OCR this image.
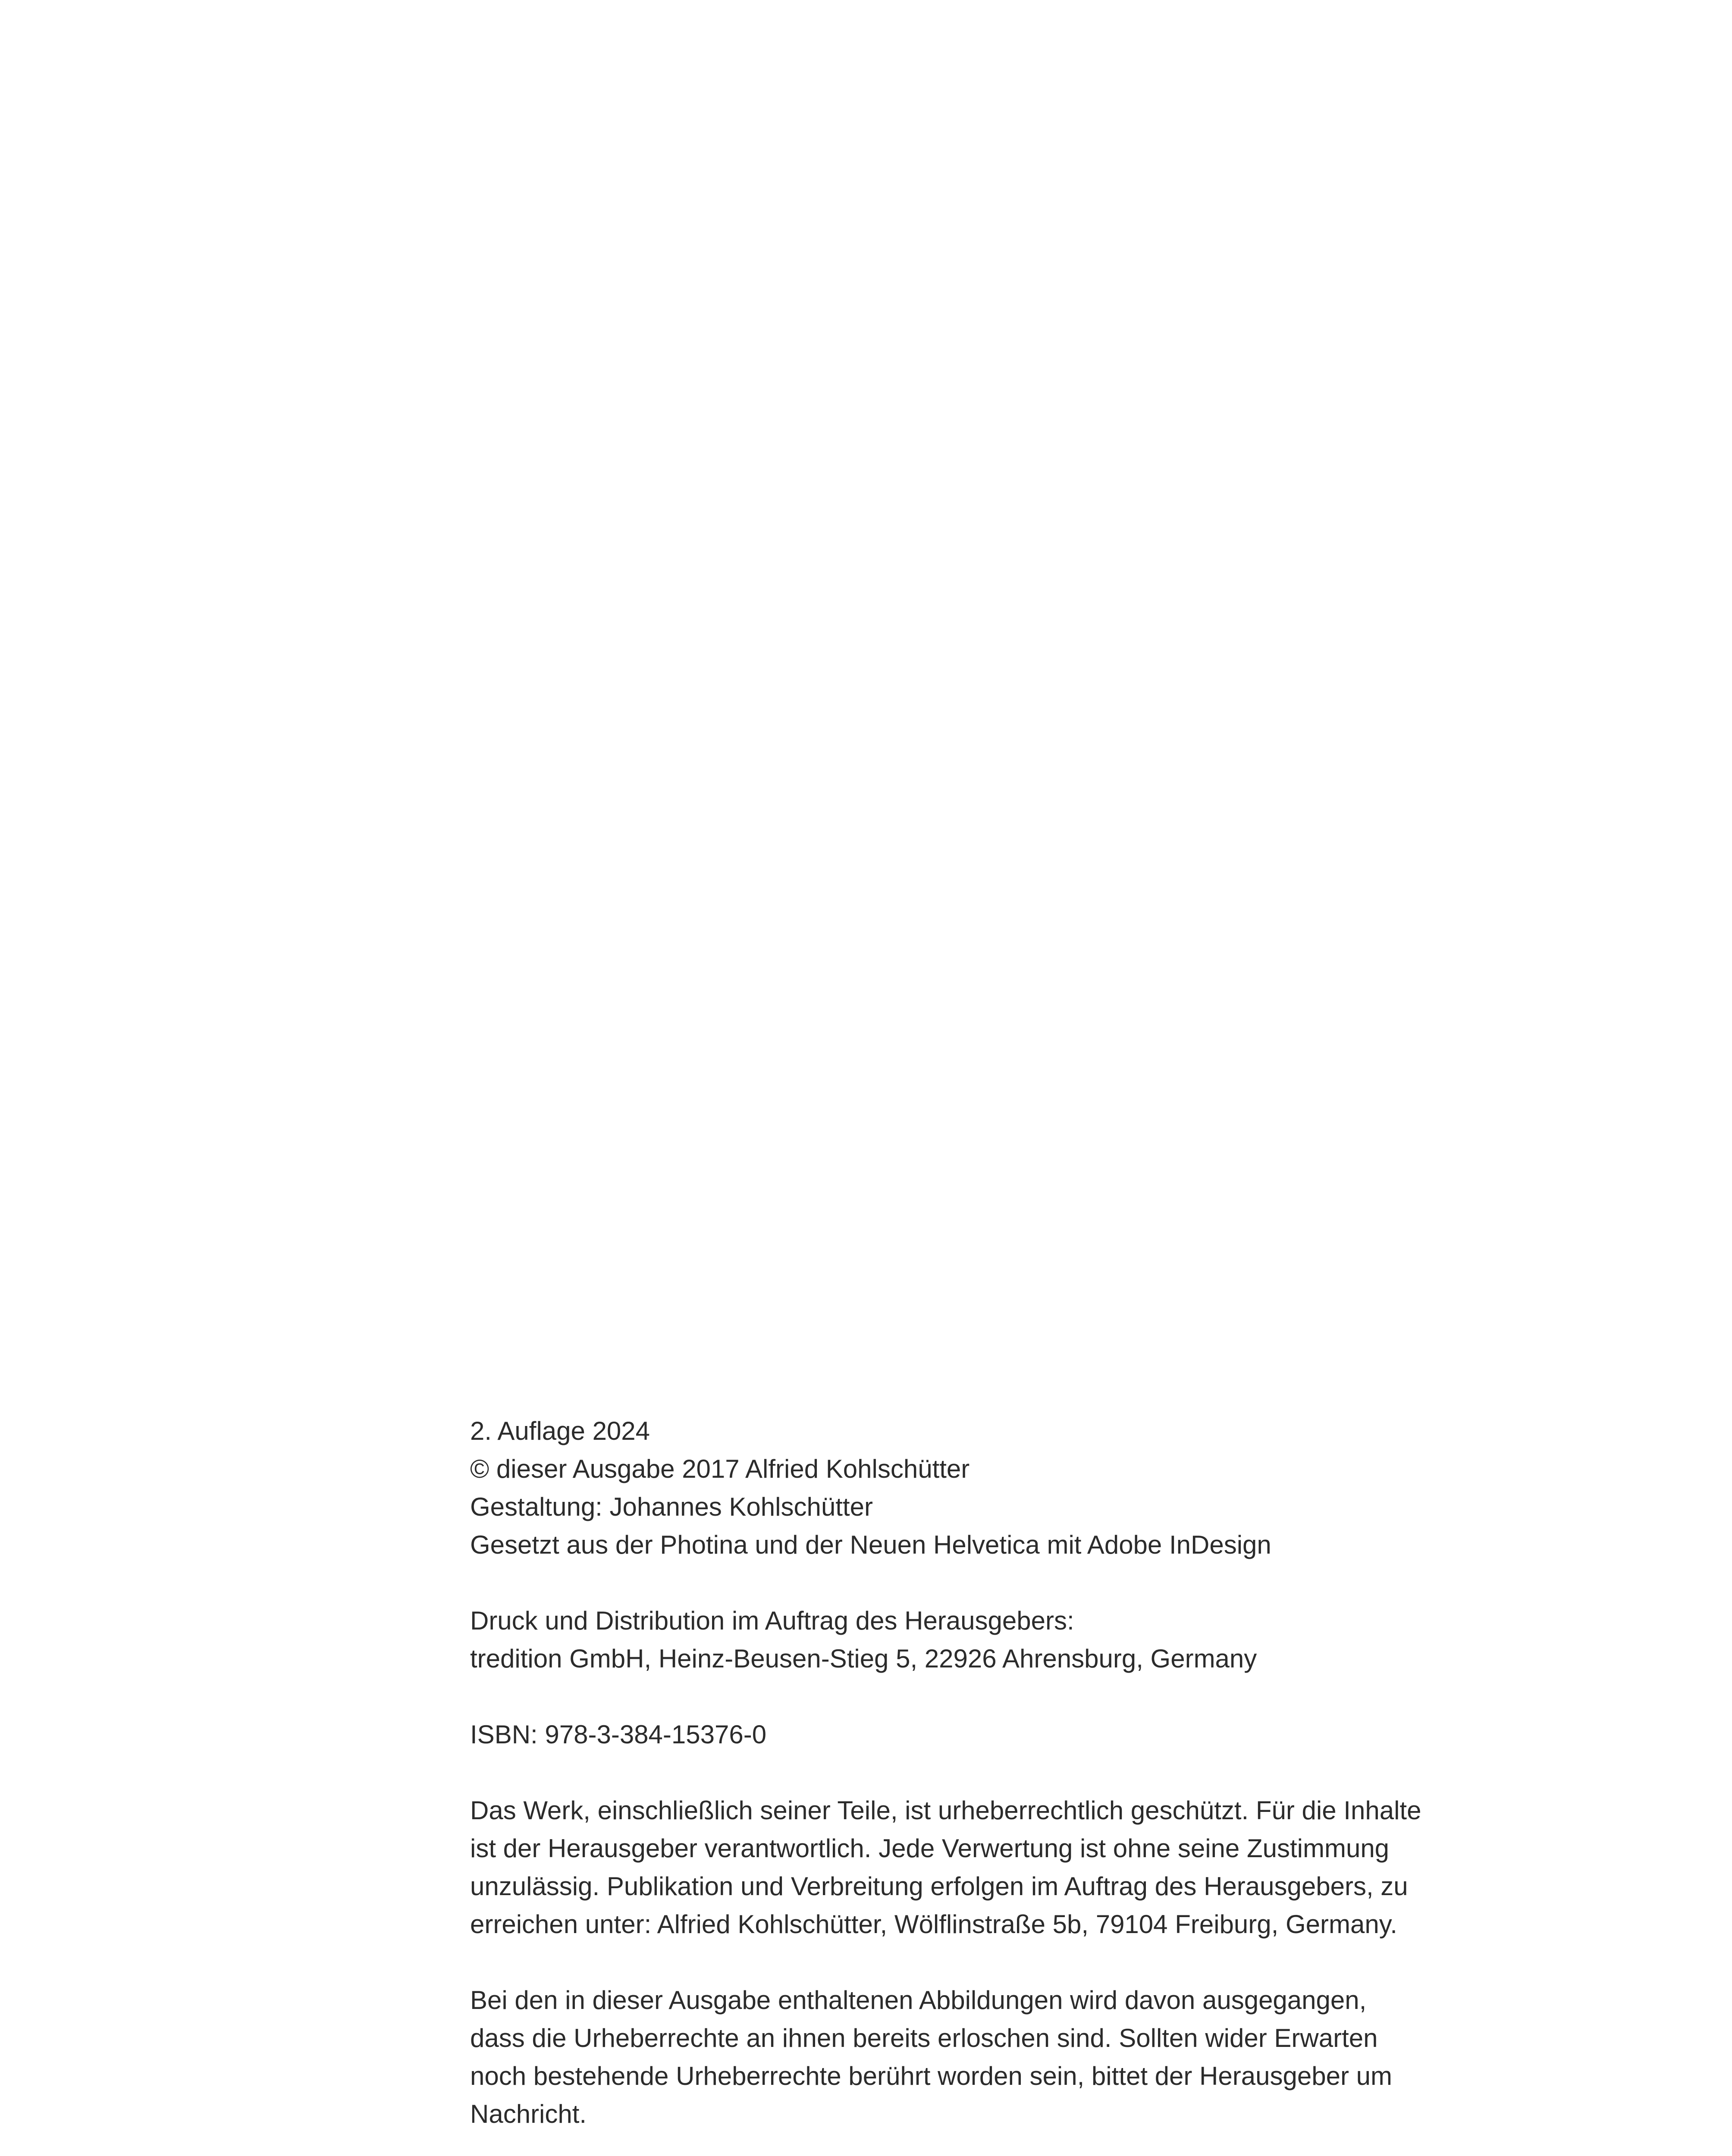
2. Auflage 2024
© dieser Ausgabe 2017 Alfried Kohlschütter
Gestaltung: Johannes Kohlschütter
Gesetzt aus der Photina und der Neuen Helvetica mit Adobe InDesign
Druck und Distribution im Auftrag des Herausgebers:
tredition GmbH, Heinz-Beusen-Stieg 5, 22926 Ahrensburg, Germany
ISBN: 978-3-384-15376-0
Das Werk, einschließlich seiner Teile, ist urheberrechtlich geschützt. Für die Inhalte
ist der Herausgeber verantwortlich. Jede Verwertung ist ohne seine Zustimmung
unzulässig. Publikation und Verbreitung erfolgen im Auftrag des Herausgebers, zu
erreichen unter: Alfried Kohlschütter, Wölflinstraße 5b, 79104 Freiburg, Germany.
Bei den in dieser Ausgabe enthaltenen Abbildungen wird davon ausgegangen,
dass die Urheberrechte an ihnen bereits erloschen sind. Sollten wider Erwarten
noch bestehende Urheberrechte berührt worden sein, bittet der Herausgeber um
Nachricht.
